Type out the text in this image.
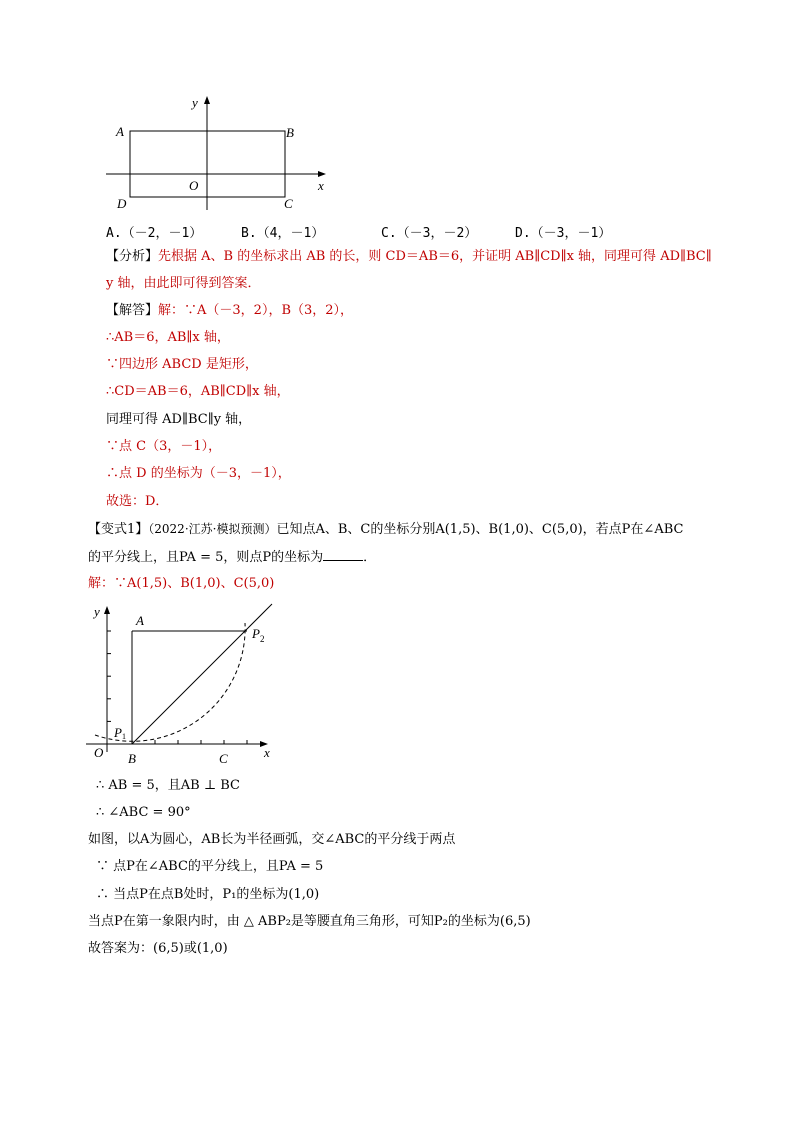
y
x
A	B
C
D
O
A.（－2，－1）	B.（4，－1）	C.（－3，－2）	D.（－3，－1）
【分析】先根据 A、B 的坐标求出 AB 的长，则 CD＝AB＝6，并证明 AB∥CD∥x 轴，同理可得 AD∥BC∥
y 轴，由此即可得到答案．
【解答】解：∵A（－3，2），B（3，2），
∴AB＝6，AB∥x 轴，
∵四边形 ABCD 是矩形，
∴CD＝AB＝6，AB∥CD∥x 轴，
同理可得 AD∥BC∥y 轴，
∵点 C（3，－1），
∴点 D 的坐标为（－3，－1），
故选：D．
【变式1】（2022·江苏·模拟预测）已知点A、B、C的坐标分别A(1,5)、B(1,0)、C(5,0)，若点P在∠ABC
的平分线上，且PA = 5，则点P的坐标为	．
解：∵A(1,5)、B(1,0)、C(5,0)
y
x
A
B	C
O
P1
$P_2$
∴ AB = 5，且AB ⊥ BC
∴ ∠ABC = 90°
如图，以A为圆心，AB长为半径画弧，交∠ABC的平分线于两点
∵ 点P在∠ABC的平分线上，且PA = 5
∴ 当点P在点B处时，P₁的坐标为(1,0)
当点P在第一象限内时，由 △ ABP₂是等腰直角三角形，可知P₂的坐标为(6,5)
故答案为：(6,5)或(1,0)
